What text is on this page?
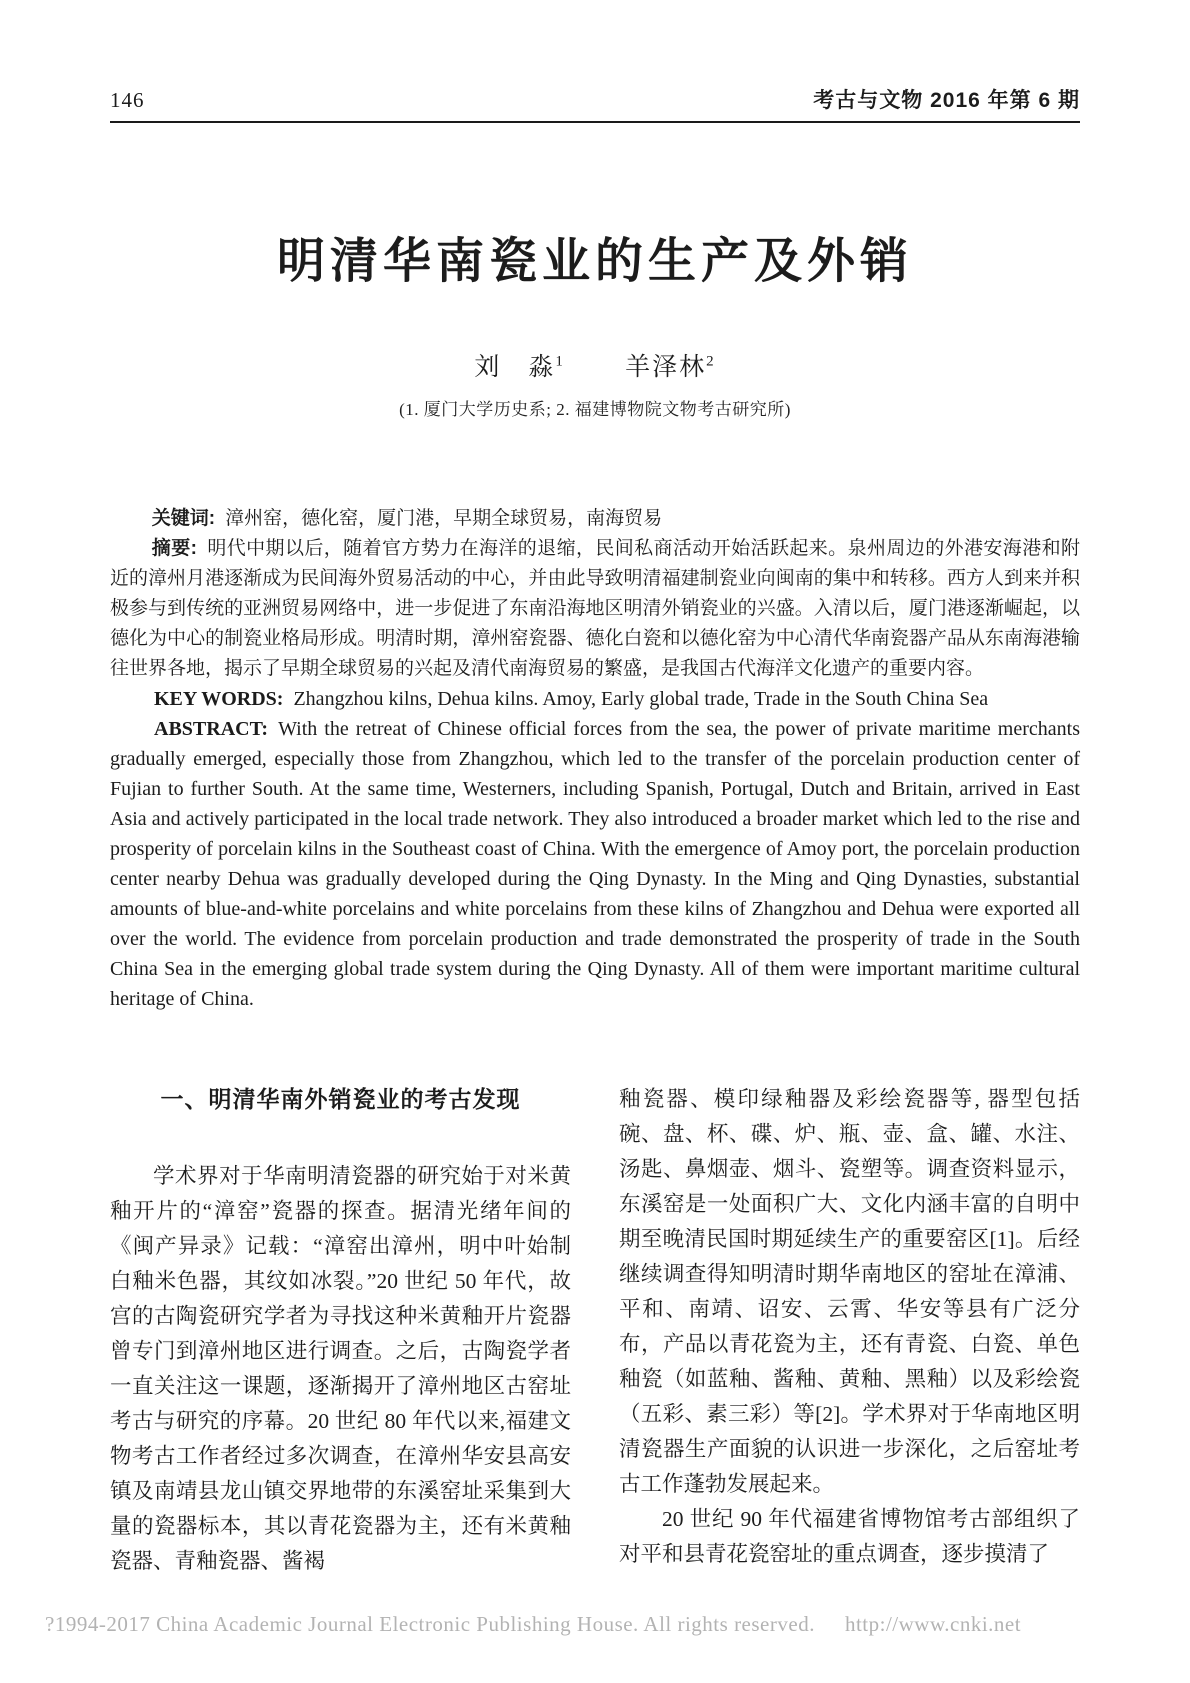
146	考古与文物 2016 年第 6 期
明清华南瓷业的生产及外销
刘　淼$^1$ 羊泽林$^2$
(1. 厦门大学历史系; 2. 福建博物院文物考古研究所)

关键词: 漳州窑，德化窑，厦门港，早期全球贸易，南海贸易

摘要: 明代中期以后，随着官方势力在海洋的退缩，民间私商活动开始活跃起来。泉州周边的外港安海港和附近的漳州月港逐渐成为民间海外贸易活动的中心，并由此导致明清福建制瓷业向闽南的集中和转移。西方人到来并积极参与到传统的亚洲贸易网络中，进一步促进了东南沿海地区明清外销瓷业的兴盛。入清以后，厦门港逐渐崛起，以德化为中心的制瓷业格局形成。明清时期，漳州窑瓷器、德化白瓷和以德化窑为中心清代华南瓷器产品从东南海港输往世界各地，揭示了早期全球贸易的兴起及清代南海贸易的繁盛，是我国古代海洋文化遗产的重要内容。

KEY WORDS: Zhangzhou kilns, Dehua kilns. Amoy, Early global trade, Trade in the South China Sea

ABSTRACT: With the retreat of Chinese official forces from the sea, the power of private maritime merchants gradually emerged, especially those from Zhangzhou, which led to the transfer of the porcelain production center of Fujian to further South. At the same time, Westerners, including Spanish, Portugal, Dutch and Britain, arrived in East Asia and actively participated in the local trade network. They also introduced a broader market which led to the rise and prosperity of porcelain kilns in the Southeast coast of China. With the emergence of Amoy port, the porcelain production center nearby Dehua was gradually developed during the Qing Dynasty. In the Ming and Qing Dynasties, substantial amounts of blue-and-white porcelains and white porcelains from these kilns of Zhangzhou and Dehua were exported all over the world. The evidence from porcelain production and trade demonstrated the prosperity of trade in the South China Sea in the emerging global trade system during the Qing Dynasty. All of them were important maritime cultural heritage of China.

一、明清华南外销瓷业的考古发现

学术界对于华南明清瓷器的研究始于对米黄釉开片的“漳窑”瓷器的探查。据清光绪年间的《闽产异录》记载：“漳窑出漳州，明中叶始制白釉米色器，其纹如冰裂。”20 世纪 50 年代，故宫的古陶瓷研究学者为寻找这种米黄釉开片瓷器曾专门到漳州地区进行调查。之后，古陶瓷学者一直关注这一课题，逐渐揭开了漳州地区古窑址考古与研究的序幕。20 世纪 80 年代以来,福建文物考古工作者经过多次调查，在漳州华安县高安镇及南靖县龙山镇交界地带的东溪窑址采集到大量的瓷器标本，其以青花瓷器为主，还有米黄釉瓷器、青釉瓷器、酱褐

釉瓷器、模印绿釉器及彩绘瓷器等, 器型包括碗、盘、杯、碟、炉、瓶、壶、盒、罐、水注、汤匙、鼻烟壶、烟斗、瓷塑等。调查资料显示，东溪窑是一处面积广大、文化内涵丰富的自明中期至晚清民国时期延续生产的重要窑区[1]。后经继续调查得知明清时期华南地区的窑址在漳浦、平和、南靖、诏安、云霄、华安等县有广泛分布，产品以青花瓷为主，还有青瓷、白瓷、单色釉瓷（如蓝釉、酱釉、黄釉、黑釉）以及彩绘瓷（五彩、素三彩）等[2]。学术界对于华南地区明清瓷器生产面貌的认识进一步深化，之后窑址考古工作蓬勃发展起来。

20 世纪 90 年代福建省博物馆考古部组织了对平和县青花瓷窑址的重点调查，逐步摸清了

?1994-2017 China Academic Journal Electronic Publishing House. All rights reserved. http://www.cnki.net
